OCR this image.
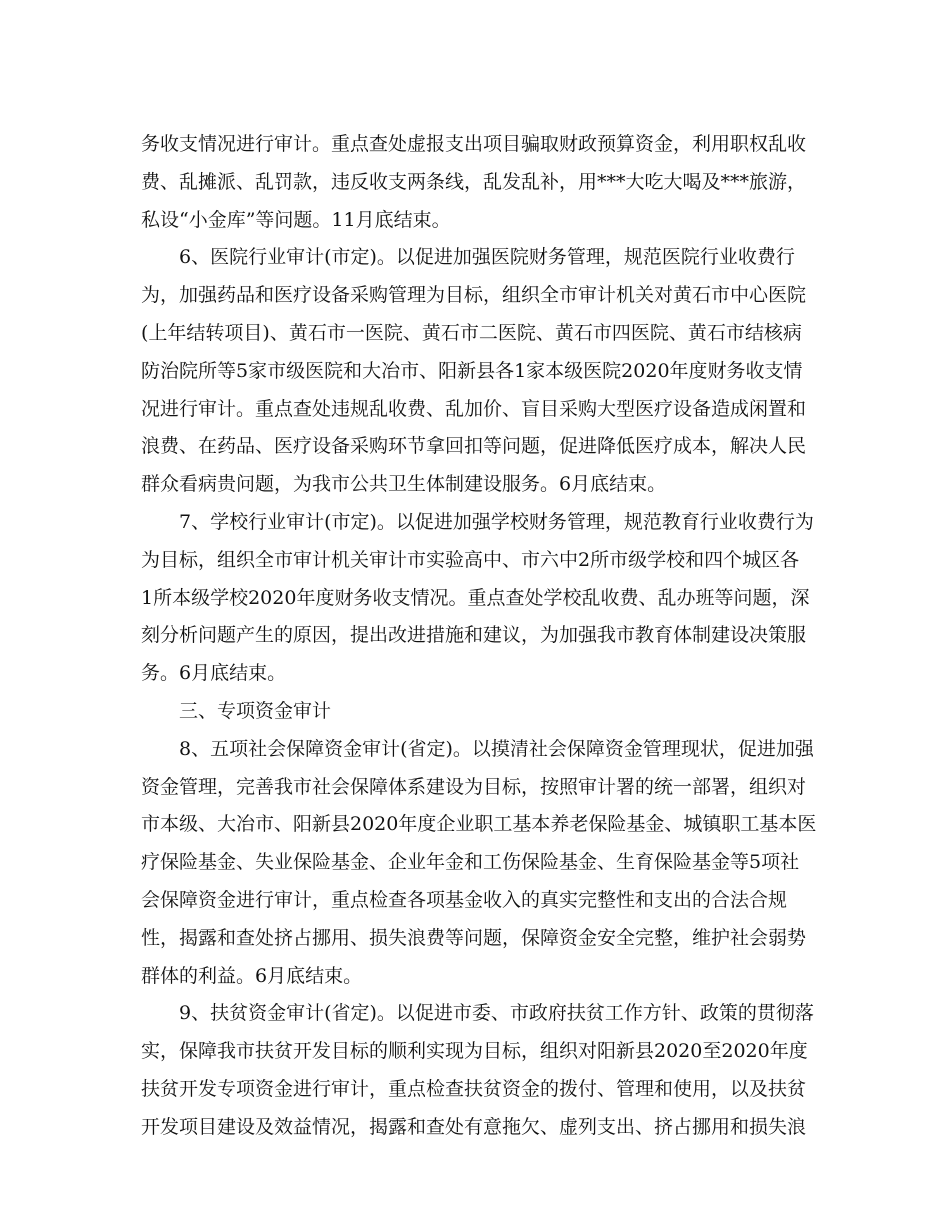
务收支情况进行审计。重点查处虚报支出项目骗取财政预算资金，利用职权乱收
费、乱摊派、乱罚款，违反收支两条线，乱发乱补，用***大吃大喝及***旅游，
私设“小金库”等问题。11月底结束。

6、医院行业审计(市定)。以促进加强医院财务管理，规范医院行业收费行
为，加强药品和医疗设备采购管理为目标，组织全市审计机关对黄石市中心医院
(上年结转项目)、黄石市一医院、黄石市二医院、黄石市四医院、黄石市结核病
防治院所等5家市级医院和大冶市、阳新县各1家本级医院2020年度财务收支情
况进行审计。重点查处违规乱收费、乱加价、盲目采购大型医疗设备造成闲置和
浪费、在药品、医疗设备采购环节拿回扣等问题，促进降低医疗成本，解决人民
群众看病贵问题，为我市公共卫生体制建设服务。6月底结束。

7、学校行业审计(市定)。以促进加强学校财务管理，规范教育行业收费行为
为目标，组织全市审计机关审计市实验高中、市六中2所市级学校和四个城区各
1所本级学校2020年度财务收支情况。重点查处学校乱收费、乱办班等问题，深
刻分析问题产生的原因，提出改进措施和建议，为加强我市教育体制建设决策服
务。6月底结束。

三、专项资金审计

8、五项社会保障资金审计(省定)。以摸清社会保障资金管理现状，促进加强
资金管理，完善我市社会保障体系建设为目标，按照审计署的统一部署，组织对
市本级、大冶市、阳新县2020年度企业职工基本养老保险基金、城镇职工基本医
疗保险基金、失业保险基金、企业年金和工伤保险基金、生育保险基金等5项社
会保障资金进行审计，重点检查各项基金收入的真实完整性和支出的合法合规
性，揭露和查处挤占挪用、损失浪费等问题，保障资金安全完整，维护社会弱势
群体的利益。6月底结束。

9、扶贫资金审计(省定)。以促进市委、市政府扶贫工作方针、政策的贯彻落
实，保障我市扶贫开发目标的顺利实现为目标，组织对阳新县2020至2020年度
扶贫开发专项资金进行审计，重点检查扶贫资金的拨付、管理和使用，以及扶贫
开发项目建设及效益情况，揭露和查处有意拖欠、虚列支出、挤占挪用和损失浪
